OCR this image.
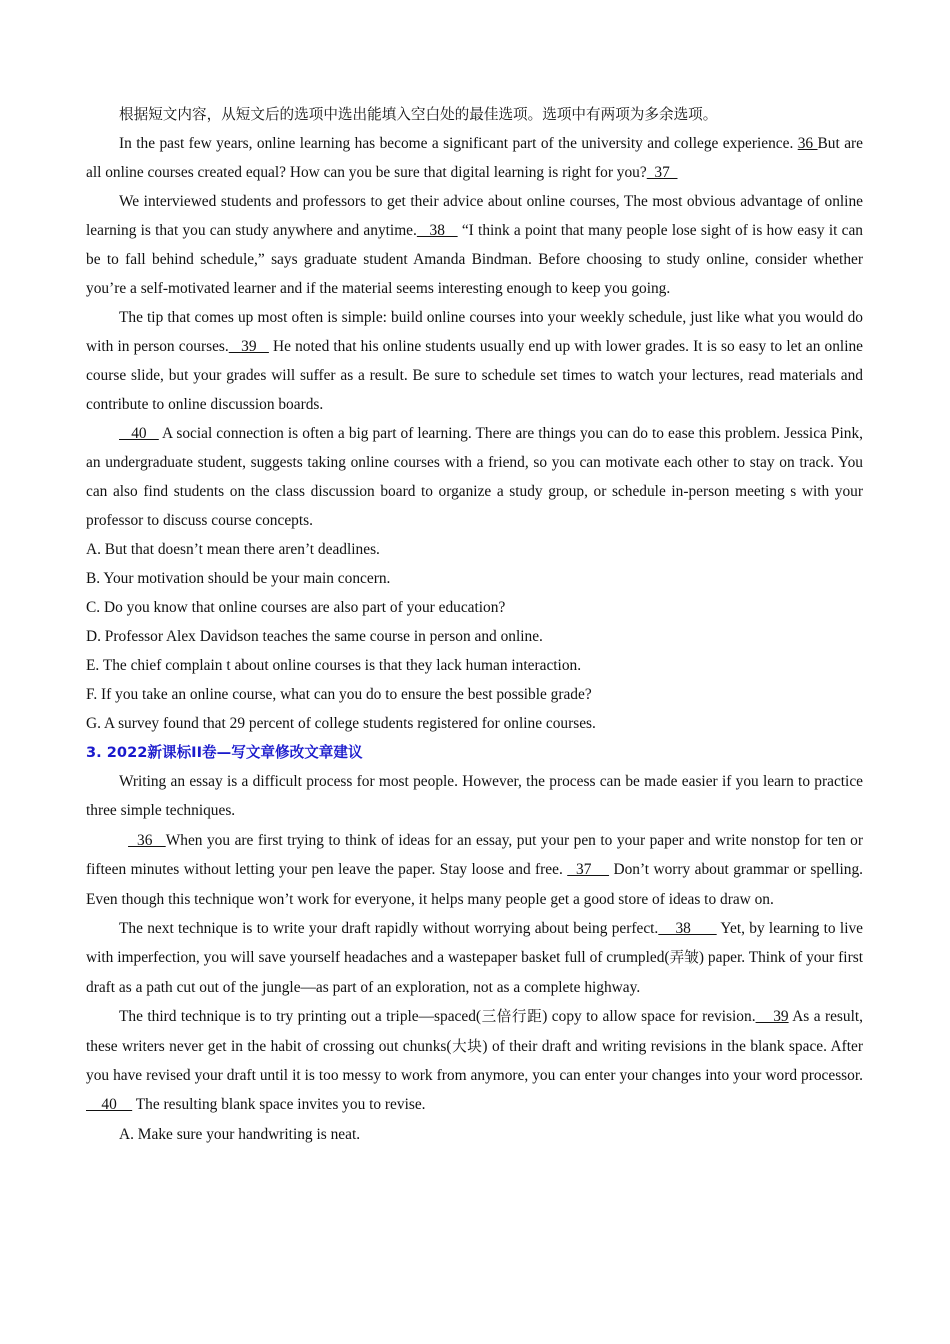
根据短文内容，从短文后的选项中选出能填入空白处的最佳选项。选项中有两项为多余选项。

In the past few years, online learning has become a significant part of the university and college experience. 36 But are all online courses created equal? How can you be sure that digital learning is right for you?  37

We interviewed students and professors to get their advice about online courses, The most obvious advantage of online learning is that you can study anywhere and anytime.   38    “I think a point that many people lose sight of is how easy it can be to fall behind schedule,” says graduate student Amanda Bindman. Before choosing to study online, consider whether you’re a self-motivated learner and if the material seems interesting enough to keep you going.

The tip that comes up most often is simple: build online courses into your weekly schedule, just like what you would do with in person courses.   39    He noted that his online students usually end up with lower grades. It is so easy to let an online course slide, but your grades will suffer as a result. Be sure to schedule set times to watch your lectures, read materials and contribute to online discussion boards.

40    A social connection is often a big part of learning. There are things you can do to ease this problem. Jessica Pink, an undergraduate student, suggests taking online courses with a friend, so you can motivate each other to stay on track. You can also find students on the class discussion board to organize a study group, or schedule in-person meeting s with your professor to discuss course concepts.

A. But that doesn’t mean there aren’t deadlines.

B. Your motivation should be your main concern.

C. Do you know that online courses are also part of your education?

D. Professor Alex Davidson teaches the same course in person and online.

E. The chief complain t about online courses is that they lack human interaction.

F. If you take an online course, what can you do to ensure the best possible grade?

G. A survey found that 29 percent of college students registered for online courses.

3. 2022新课标II卷—写文章修改文章建议

Writing an essay is a difficult process for most people. However, the process can be made easier if you learn to practice three simple techniques.

36   When you are first trying to think of ideas for an essay, put your pen to your paper and write nonstop for ten or fifteen minutes without letting your pen leave the paper. Stay loose and free.   37     Don’t worry about grammar or spelling. Even though this technique won’t work for everyone, it helps many people get a good store of ideas to draw on.

The next technique is to write your draft rapidly without worrying about being perfect.    38       Yet, by learning to live with imperfection, you will save yourself headaches and a wastepaper basket full of crumpled(弄皱) paper. Think of your first draft as a path cut out of the jungle—as part of an exploration, not as a complete highway.

The third technique is to try printing out a triple—spaced(三倍行距) copy to allow space for revision.    39 As a result, these writers never get in the habit of crossing out chunks(大块) of their draft and writing revisions in the blank space. After you have revised your draft until it is too messy to work from anymore, you can enter your changes into your word processor.    40     The resulting blank space invites you to revise.

A. Make sure your handwriting is neat.
